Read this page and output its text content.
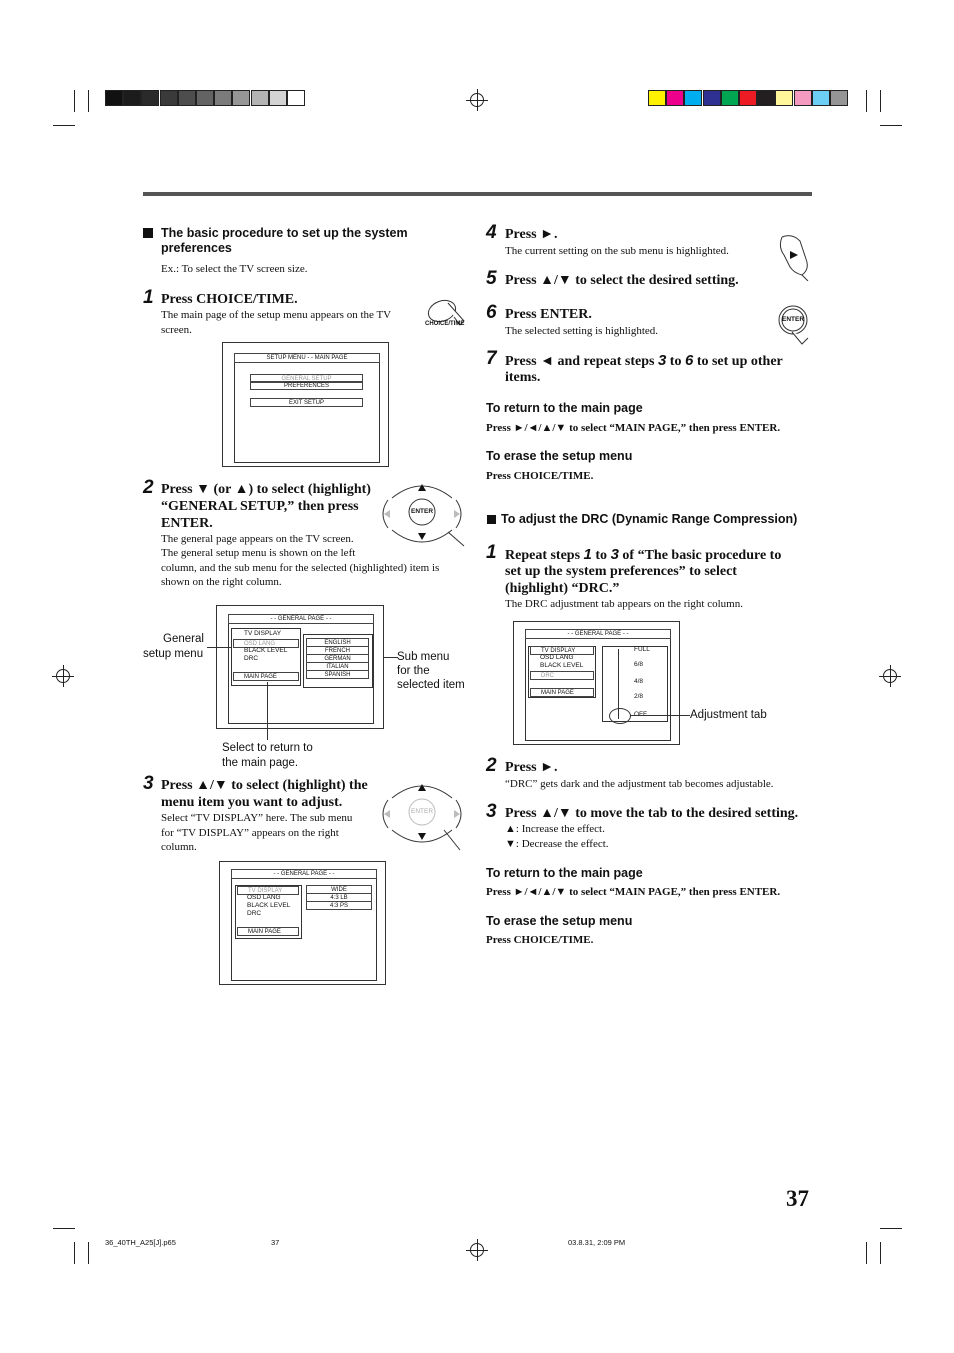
The basic procedure to set up the system preferences
Ex.: To select the TV screen size.
1 Press CHOICE/TIME.
The main page of the setup menu appears on the TV screen.	CHOICE/TIME
SETUP MENU - - MAIN PAGE
GENERAL SETUP
PREFERENCES
EXIT SETUP
2 Press ▼ (or ▲) to select (highlight)
“GENERAL SETUP,” then press
ENTER.
The general page appears on the TV screen.
The general setup menu is shown on the left
column, and the sub menu for the selected (highlighted) item is
shown on the right column.
ENTER
- - GENERAL PAGE - -
TV DISPLAY
OSD LANG
BLACK LEVEL
DRC
MAIN PAGE
ENGLISH
FRENCH
GERMAN
ITALIAN
SPANISH
General
setup menu	Sub menu
for the
selected item
Select to return to
the main page.
3 Press ▲/▼ to select (highlight) the
menu item you want to adjust.
Select “TV DISPLAY” here. The sub menu
for “TV DISPLAY” appears on the right
column.
ENTER
- - GENERAL PAGE - -
TV DISPLAY
OSD LANG
BLACK LEVEL
DRC
MAIN PAGE
WIDE
4:3 LB
4:3 PS
4 Press ►.
The current setting on the sub menu is highlighted.
5 Press ▲/▼ to select the desired setting.
6 Press ENTER.
The selected setting is highlighted.
ENTER
7 Press ◄ and repeat steps 3 to 6 to set up other
items.
To return to the main page
Press ►/◄/▲/▼ to select “MAIN PAGE,” then press ENTER.
To erase the setup menu
Press CHOICE/TIME.
To adjust the DRC (Dynamic Range Compression)
1 Repeat steps 1 to 3 of “The basic procedure to
set up the system preferences” to select
(highlight) “DRC.”
The DRC adjustment tab appears on the right column.
- - GENERAL PAGE - -
TV DISPLAY
OSD LANG
BLACK LEVEL
DRC
MAIN PAGE
FULL
6/8
4/8
2/8
Adjustment tab
2 Press ►.
“DRC” gets dark and the adjustment tab becomes adjustable.
3 Press ▲/▼ to move the tab to the desired setting.
▲: Increase the effect.
▼: Decrease the effect.
To return to the main page
Press ►/◄/▲/▼ to select “MAIN PAGE,” then press ENTER.
To erase the setup menu
Press CHOICE/TIME.
37
36_40TH_A25[J].p65	37	03.8.31, 2:09 PM
